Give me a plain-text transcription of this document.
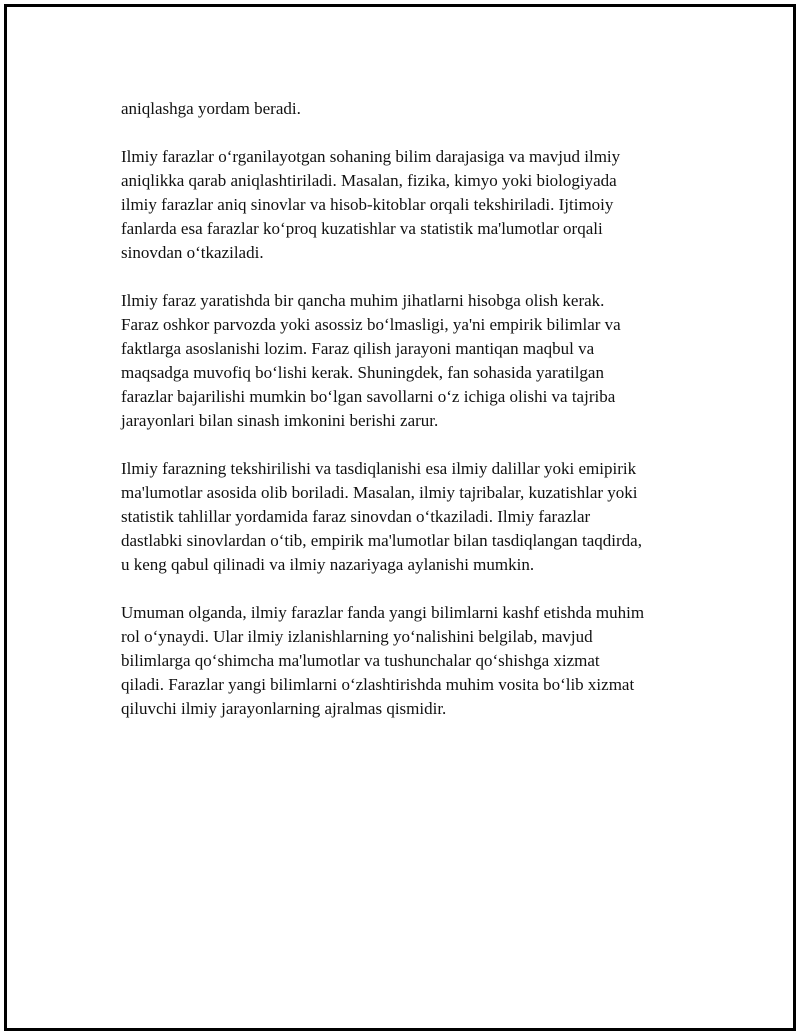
aniqlashga yordam beradi.

Ilmiy farazlar o‘rganilayotgan sohaning bilim darajasiga va mavjud ilmiy
aniqlikka qarab aniqlashtiriladi. Masalan, fizika, kimyo yoki biologiyada
ilmiy farazlar aniq sinovlar va hisob-kitoblar orqali tekshiriladi. Ijtimoiy
fanlarda esa farazlar ko‘proq kuzatishlar va statistik ma'lumotlar orqali
sinovdan o‘tkaziladi.

Ilmiy faraz yaratishda bir qancha muhim jihatlarni hisobga olish kerak.
Faraz oshkor parvozda yoki asossiz bo‘lmasligi, ya'ni empirik bilimlar va
faktlarga asoslanishi lozim. Faraz qilish jarayoni mantiqan maqbul va
maqsadga muvofiq bo‘lishi kerak. Shuningdek, fan sohasida yaratilgan
farazlar bajarilishi mumkin bo‘lgan savollarni o‘z ichiga olishi va tajriba
jarayonlari bilan sinash imkonini berishi zarur.

Ilmiy farazning tekshirilishi va tasdiqlanishi esa ilmiy dalillar yoki emipirik
ma'lumotlar asosida olib boriladi. Masalan, ilmiy tajribalar, kuzatishlar yoki
statistik tahlillar yordamida faraz sinovdan o‘tkaziladi. Ilmiy farazlar
dastlabki sinovlardan o‘tib, empirik ma'lumotlar bilan tasdiqlangan taqdirda,
u keng qabul qilinadi va ilmiy nazariyaga aylanishi mumkin.

Umuman olganda, ilmiy farazlar fanda yangi bilimlarni kashf etishda muhim
rol o‘ynaydi. Ular ilmiy izlanishlarning yo‘nalishini belgilab, mavjud
bilimlarga qo‘shimcha ma'lumotlar va tushunchalar qo‘shishga xizmat
qiladi. Farazlar yangi bilimlarni o‘zlashtirishda muhim vosita bo‘lib xizmat
qiluvchi ilmiy jarayonlarning ajralmas qismidir.
